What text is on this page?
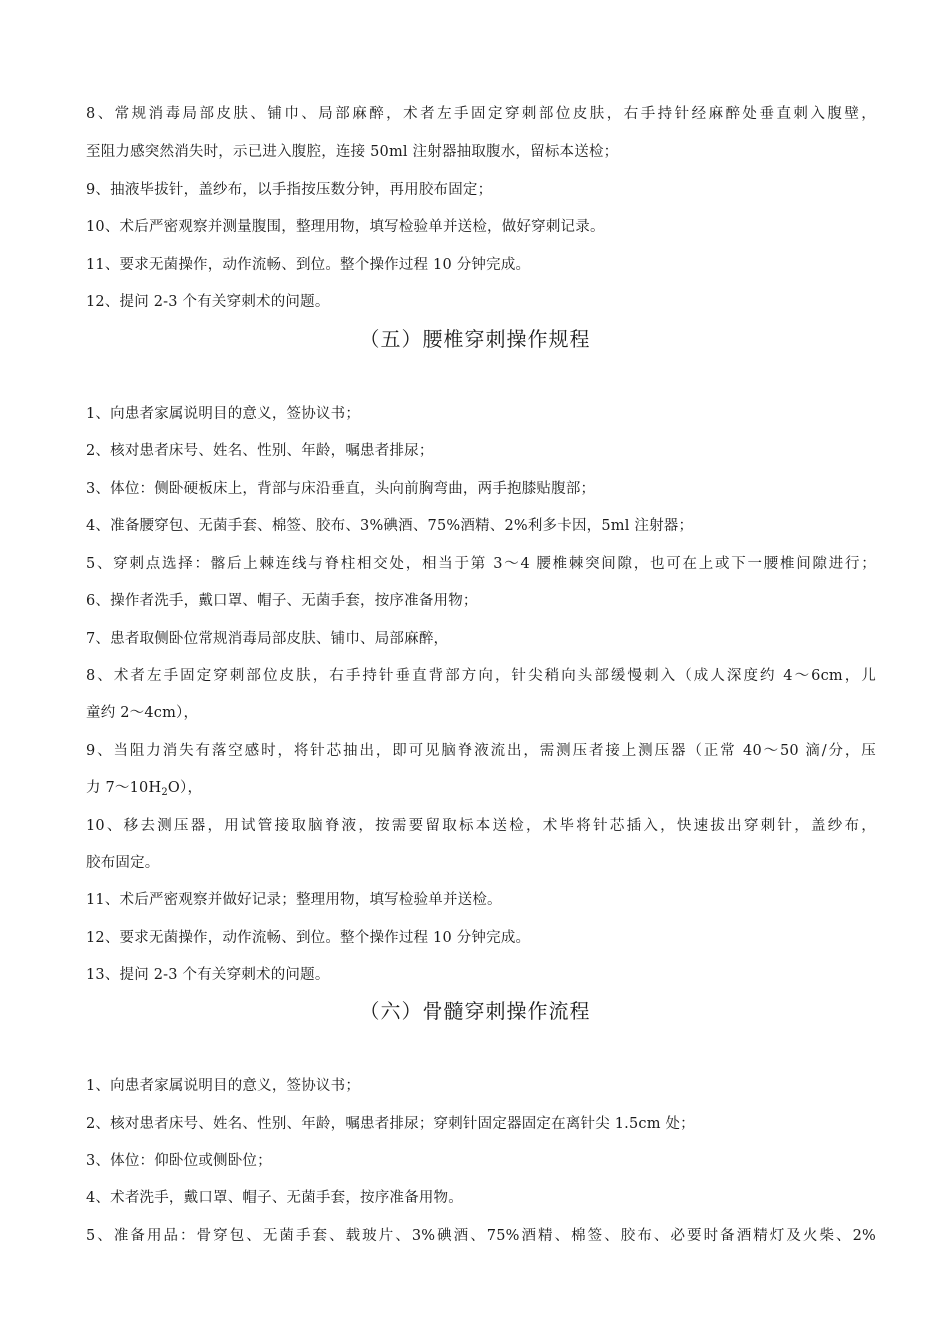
8、常规消毒局部皮肤、铺巾、局部麻醉，术者左手固定穿刺部位皮肤，右手持针经麻醉处垂直刺入腹壁，
至阻力感突然消失时，示已进入腹腔，连接 50ml 注射器抽取腹水，留标本送检；
9、抽液毕拔针，盖纱布，以手指按压数分钟，再用胶布固定；
10、术后严密观察并测量腹围，整理用物，填写检验单并送检，做好穿刺记录。
11、要求无菌操作，动作流畅、到位。整个操作过程 10 分钟完成。
12、提问 2-3 个有关穿刺术的问题。
（五）腰椎穿刺操作规程
1、向患者家属说明目的意义，签协议书；
2、核对患者床号、姓名、性别、年龄，嘱患者排尿；
3、体位：侧卧硬板床上，背部与床沿垂直，头向前胸弯曲，两手抱膝贴腹部；
4、准备腰穿包、无菌手套、棉签、胶布、3%碘酒、75%酒精、2%利多卡因，5ml 注射器；
5、穿刺点选择：髂后上棘连线与脊柱相交处，相当于第 3～4 腰椎棘突间隙，也可在上或下一腰椎间隙进行；
6、操作者洗手，戴口罩、帽子、无菌手套，按序准备用物；
7、患者取侧卧位常规消毒局部皮肤、铺巾、局部麻醉，
8、术者左手固定穿刺部位皮肤，右手持针垂直背部方向，针尖稍向头部缓慢刺入（成人深度约 4～6cm，儿
童约 2～4cm），
9、当阻力消失有落空感时，将针芯抽出，即可见脑脊液流出，需测压者接上测压器（正常 40～50 滴/分，压
力 $7\sim 10H_2O$），
10、移去测压器，用试管接取脑脊液，按需要留取标本送检，术毕将针芯插入，快速拔出穿刺针，盖纱布，
胶布固定。
11、术后严密观察并做好记录；整理用物，填写检验单并送检。
12、要求无菌操作，动作流畅、到位。整个操作过程 10 分钟完成。
13、提问 2-3 个有关穿刺术的问题。
（六）骨髓穿刺操作流程
1、向患者家属说明目的意义，签协议书；
2、核对患者床号、姓名、性别、年龄，嘱患者排尿；穿刺针固定器固定在离针尖 1.5cm 处；
3、体位：仰卧位或侧卧位；
4、术者洗手，戴口罩、帽子、无菌手套，按序准备用物。
5、准备用品：骨穿包、无菌手套、载玻片、3%碘酒、75%酒精、棉签、胶布、必要时备酒精灯及火柴、2%
